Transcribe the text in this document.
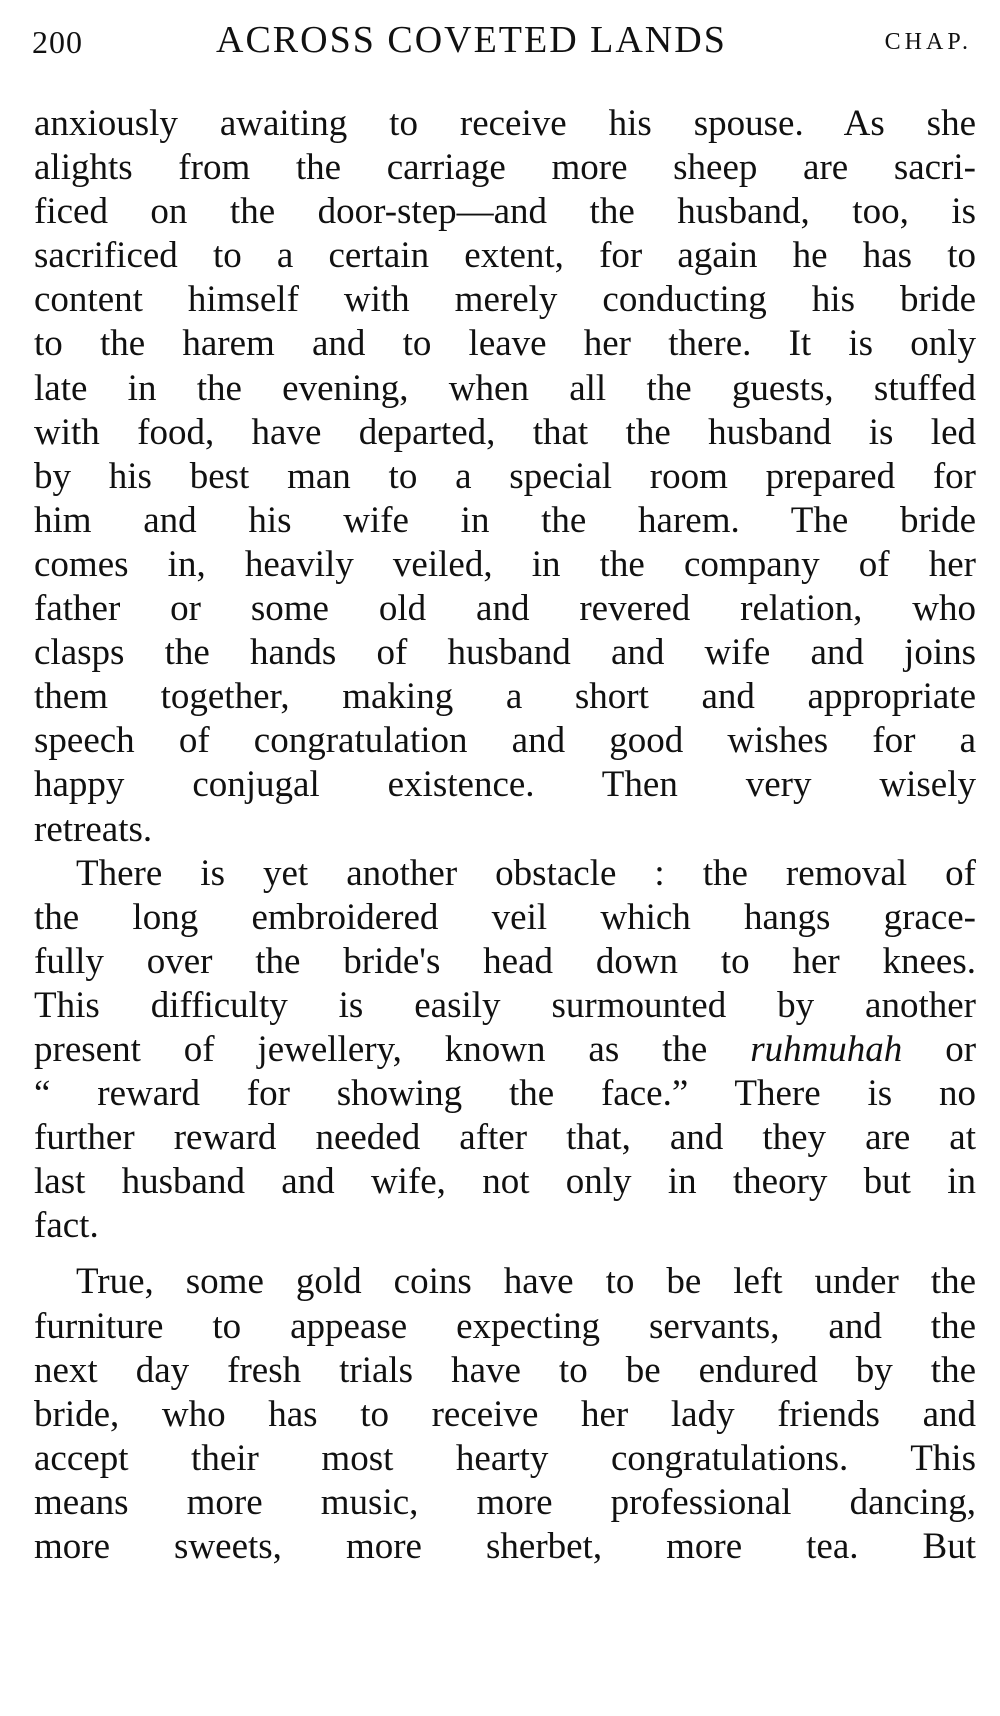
200	ACROSS COVETED LANDS	CHAP.
anxiously awaiting to receive his spouse. As she
alights from the carriage more sheep are sacri-
ficed on the door-step—and the husband, too, is
sacrificed to a certain extent, for again he has to
content himself with merely conducting his bride
to the harem and to leave her there. It is only
late in the evening, when all the guests, stuffed
with food, have departed, that the husband is led
by his best man to a special room prepared for
him and his wife in the harem. The bride
comes in, heavily veiled, in the company of her
father or some old and revered relation, who
clasps the hands of husband and wife and joins
them together, making a short and appropriate
speech of congratulation and good wishes for a
happy conjugal existence. Then very wisely
retreats.
There is yet another obstacle : the removal of
the long embroidered veil which hangs grace-
fully over the bride's head down to her knees.
This difficulty is easily surmounted by another
present of jewellery, known as the ruhmuhah or
“ reward for showing the face.” There is no
further reward needed after that, and they are at
last husband and wife, not only in theory but in
fact.
True, some gold coins have to be left under the
furniture to appease expecting servants, and the
next day fresh trials have to be endured by the
bride, who has to receive her lady friends and
accept their most hearty congratulations. This
means more music, more professional dancing,
more sweets, more sherbet, more tea. But
